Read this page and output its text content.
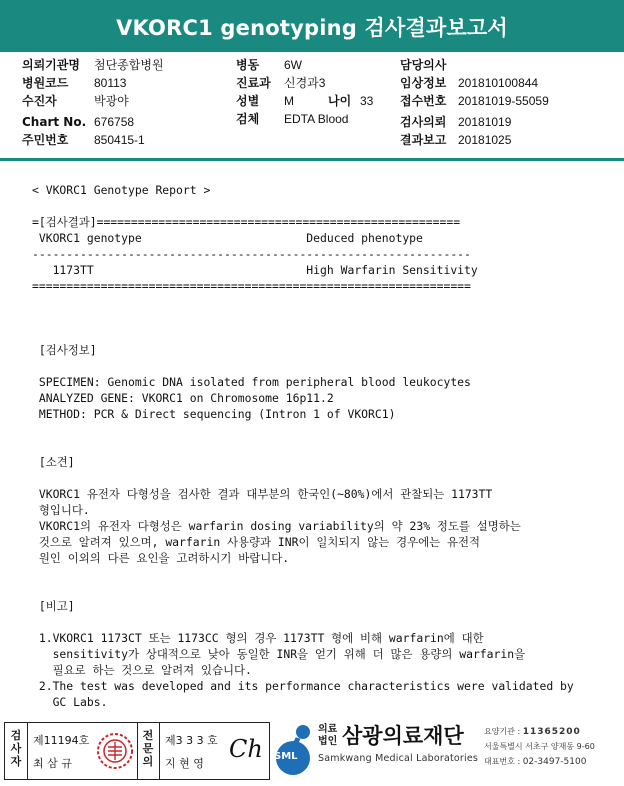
VKORC1 genotyping 검사결과보고서
의뢰기관명 첨단종합병원
병원코드 80113
수진자	박광야
Chart No. 676758
주민번호 850415-1
병동 6W
진료과 신경과3
성별 M	나이 33
검체 EDTA Blood
담당의사
임상정보 201810100844
접수번호 20181019-55059
검사의뢰 20181019
결과보고 20181025
< VKORC1 Genotype Report >

=[검사결과]=====================================================
VKORC1 genotype                        Deduced phenotype
----------------------------------------------------------------
1173TT                               High Warfarin Sensitivity
================================================================

[검사정보]

SPECIMEN: Genomic DNA isolated from peripheral blood leukocytes
ANALYZED GENE: VKORC1 on Chromosome 16p11.2
METHOD: PCR & Direct sequencing (Intron 1 of VKORC1)

[소견]

VKORC1 유전자 다형성을 검사한 결과 대부분의 한국인(~80%)에서 관찰되는 1173TT
형입니다.
VKORC1의 유전자 다형성은 warfarin dosing variability의 약 23% 정도를 설명하는
것으로 알려져 있으며, warfarin 사용량과 INR이 일치되지 않는 경우에는 유전적
원인 이외의 다른 요인을 고려하시기 바랍니다.

[비고]

1.VKORC1 1173CT 또는 1173CC 형의 경우 1173TT 형에 비해 warfarin에 대한
sensitivity가 상대적으로 낮아 동일한 INR을 얻기 위해 더 많은 용량의 warfarin을
필요로 하는 것으로 알려져 있습니다.
2.The test was developed and its performance characteristics were validated by
GC Labs.
검
사
자
제11194호
최 삼 규
전
문
의
제3 3 3 호
지 현 영
Ch SML
의료
법인 삼광의료재단
Samkwang Medical Laboratories
요양기관 : 11365200
서울특별시 서초구 양재동 9-60
대표번호 : 02-3497-5100
